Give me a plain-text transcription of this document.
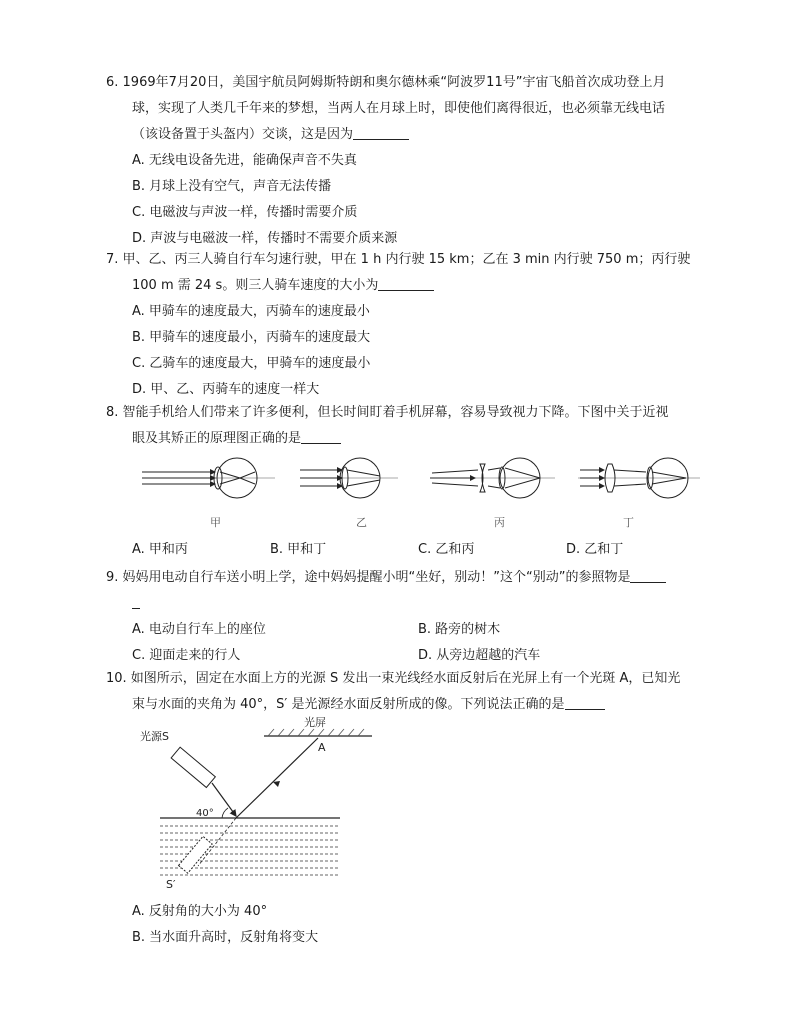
6. 1969年7月20日，美国宇航员阿姆斯特朗和奥尔德林乘“阿波罗11号”宇宙飞船首次成功登上月
球，实现了人类几千年来的梦想，当两人在月球上时，即使他们离得很近，也必须靠无线电话
（该设备置于头盔内）交谈，这是因为
A. 无线电设备先进，能确保声音不失真
B. 月球上没有空气，声音无法传播
C. 电磁波与声波一样，传播时需要介质
D. 声波与电磁波一样，传播时不需要介质来源
7. 甲、乙、丙三人骑自行车匀速行驶，甲在 1 h 内行驶 15 km；乙在 3 min 内行驶 750 m；丙行驶
100 m 需 24 s。则三人骑车速度的大小为
A. 甲骑车的速度最大，丙骑车的速度最小
B. 甲骑车的速度最小，丙骑车的速度最大
C. 乙骑车的速度最大，甲骑车的速度最小
D. 甲、乙、丙骑车的速度一样大
8. 智能手机给人们带来了许多便利，但长时间盯着手机屏幕，容易导致视力下降。下图中关于近视
眼及其矫正的原理图正确的是
甲	乙	丙	丁
A. 甲和丙	B. 甲和丁	C. 乙和丙	D. 乙和丁
9. 妈妈用电动自行车送小明上学，途中妈妈提醒小明“坐好，别动！”这个“别动”的参照物是
A. 电动自行车上的座位	B. 路旁的树木
C. 迎面走来的行人	D. 从旁边超越的汽车
10. 如图所示，固定在水面上方的光源 S 发出一束光线经水面反射后在光屏上有一个光斑 A，已知光
束与水面的夹角为 40°，S′ 是光源经水面反射所成的像。下列说法正确的是
光屏
A
光源S
40°
S′
A. 反射角的大小为 40°
B. 当水面升高时，反射角将变大
